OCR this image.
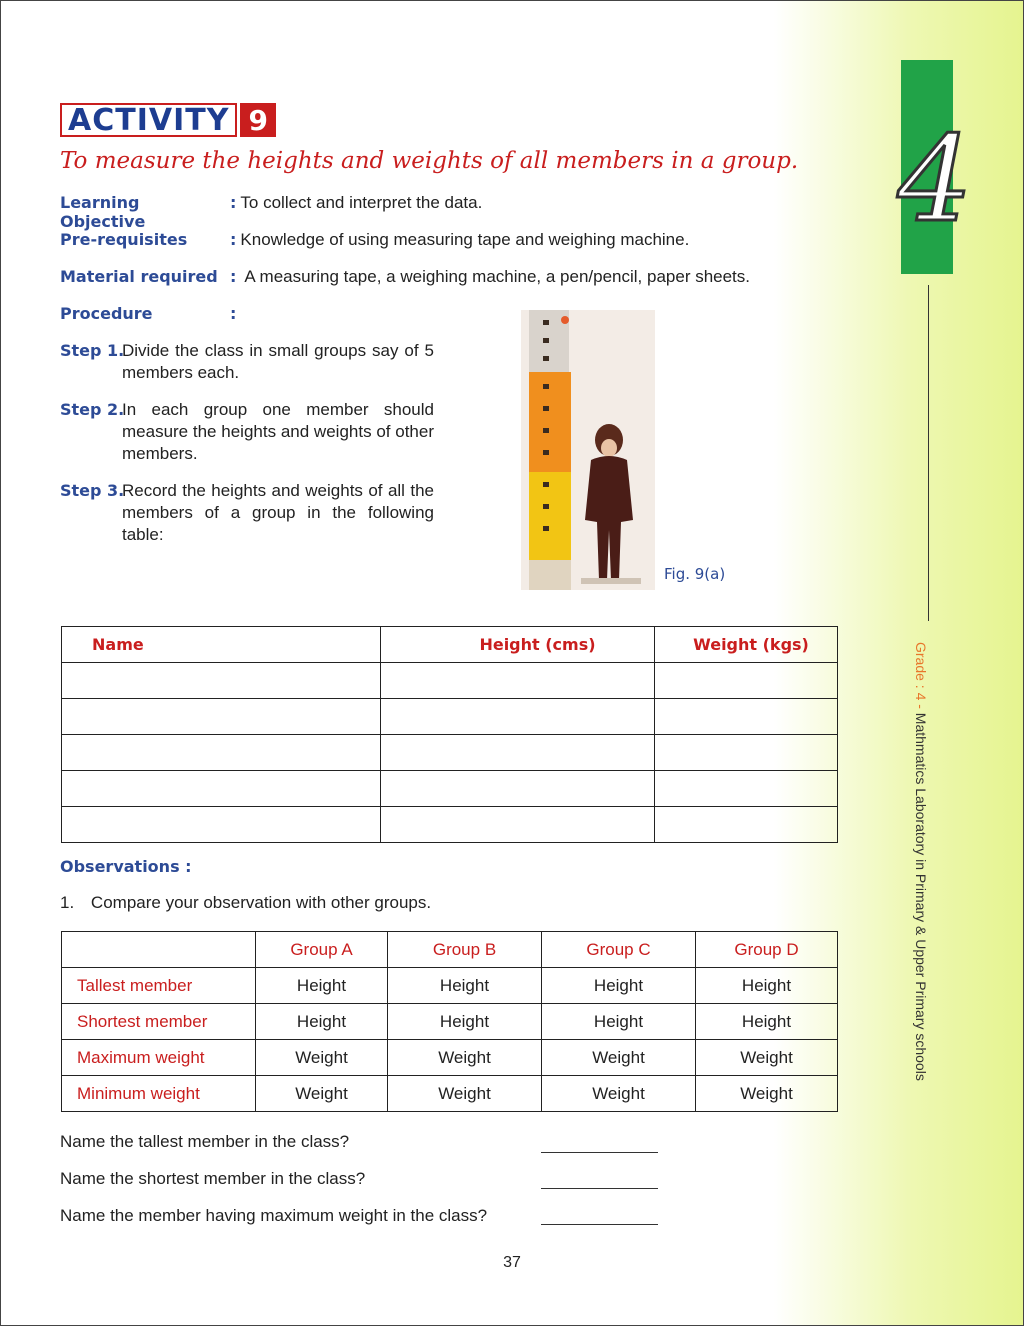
4
Grade : 4 - Mathmatics Laboratory in Primary & Upper Primary schools
ACTIVITY 9
To measure the heights and weights of all members in a group.
Learning Objective
: To collect and interpret the data.
Pre-requisites	: Knowledge of using measuring tape and weighing machine.
Material required : A measuring tape, a weighing machine, a pen/pencil, paper sheets.
Procedure	:
Step 1.
Divide the class in small groups say of 5 members each.
Step 2.
In each group one member should measure the heights and weights of other members.
Step 3.
Record the heights and weights of all the members of a group in the following table:
Fig. 9(a)
Name	Height (cms)	Weight (kgs)

Observations :
1. Compare your observation with other groups.
	Group A	Group B	Group C	Group D
Tallest member	Height	Height	Height	Height
Shortest member	Height	Height	Height	Height
Maximum weight	Weight	Weight	Weight	Weight
Minimum weight	Weight	Weight	Weight	Weight
Name the tallest member in the class?
Name the shortest member in the class?
Name the member having maximum weight in the class?
37
